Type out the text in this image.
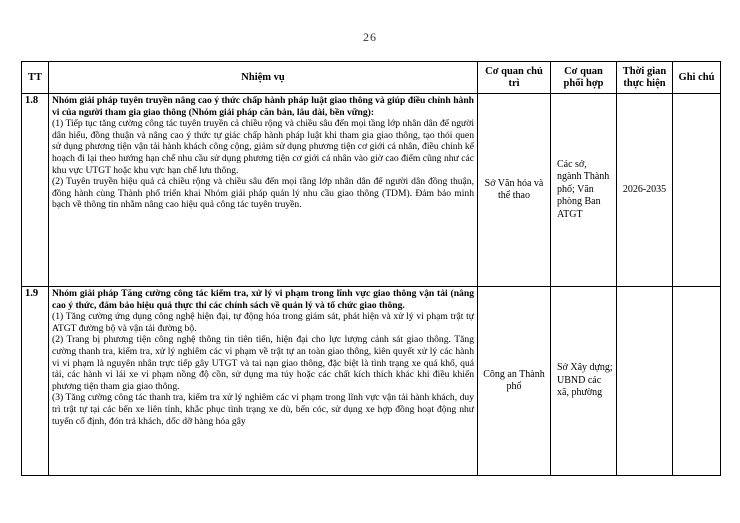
26
TT	Nhiệm vụ	Cơ quan chủ trì	Cơ quan phối hợp	Thời gian thực hiện	Ghi chú
1.8	Nhóm giải pháp tuyên truyền nâng cao ý thức chấp hành pháp luật giao thông và giúp điều chỉnh hành vi của người tham gia giao thông (Nhóm giải pháp căn bản, lâu dài, bền vững):

(1) Tiếp tục tăng cường công tác tuyên truyền cả chiều rộng và chiều sâu đến mọi tầng lớp nhân dân để người dân hiểu, đồng thuận và nâng cao ý thức tự giác chấp hành pháp luật khi tham gia giao thông, tạo thói quen sử dụng phương tiện vận tải hành khách công cộng, giảm sử dụng phương tiện cơ giới cá nhân, điều chỉnh kế hoạch đi lại theo hướng hạn chế nhu cầu sử dụng phương tiện cơ giới cá nhân vào giờ cao điểm cũng như các khu vực UTGT hoặc khu vực hạn chế lưu thông.

(2) Tuyên truyền hiệu quả cả chiều rộng và chiều sâu đến mọi tầng lớp nhân dân để người dân đồng thuận, đồng hành cùng Thành phố triển khai Nhóm giải pháp quản lý nhu cầu giao thông (TDM). Đảm bảo minh bạch về thông tin nhằm nâng cao hiệu quả công tác tuyên truyền.	Sở Văn hóa và thể thao	Các sở, ngành Thành phố; Văn phòng Ban ATGT	2026-2035	
1.9	Nhóm giải pháp Tăng cường công tác kiểm tra, xử lý vi phạm trong lĩnh vực giao thông vận tải (nâng cao ý thức, đảm bảo hiệu quả thực thi các chính sách về quản lý và tổ chức giao thông.

(1) Tăng cường ứng dụng công nghệ hiện đại, tự động hóa trong giám sát, phát hiện và xử lý vi phạm trật tự ATGT đường bộ và vận tải đường bộ.

(2) Trang bị phương tiện công nghệ thông tin tiên tiến, hiện đại cho lực lượng cảnh sát giao thông. Tăng cường thanh tra, kiểm tra, xử lý nghiêm các vi phạm về trật tự an toàn giao thông, kiên quyết xử lý các hành vi vi phạm là nguyên nhân trực tiếp gây UTGT và tai nạn giao thông, đặc biệt là tình trạng xe quá khổ, quá tải, các hành vi lái xe vi phạm nồng độ cồn, sử dụng ma túy hoặc các chất kích thích khác khi điều khiển phương tiện tham gia giao thông.

(3) Tăng cường công tác thanh tra, kiểm tra xử lý nghiêm các vi phạm trong lĩnh vực vận tải hành khách, duy trì trật tự tại các bến xe liên tỉnh, khắc phục tình trạng xe dù, bến cóc, sử dụng xe hợp đồng hoạt động như tuyến cố định, đón trả khách, dốc dỡ hàng hóa gây	Công an Thành phố	Sở Xây dựng; UBND các xã, phường		
